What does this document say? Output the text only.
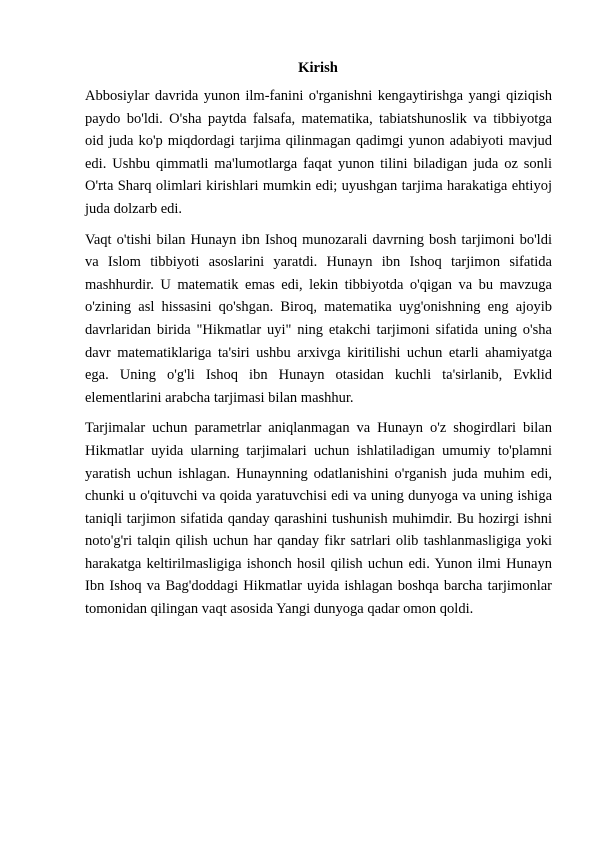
Kirish

Abbosiylar davrida yunon ilm-fanini o'rganishni kengaytirishga yangi qiziqish paydo bo'ldi. O'sha paytda falsafa, matematika, tabiatshunoslik va tibbiyotga oid juda ko'p miqdordagi tarjima qilinmagan qadimgi yunon adabiyoti mavjud edi. Ushbu qimmatli ma'lumotlarga faqat yunon tilini biladigan juda oz sonli O'rta Sharq olimlari kirishlari mumkin edi; uyushgan tarjima harakatiga ehtiyoj juda dolzarb edi.

Vaqt o'tishi bilan Hunayn ibn Ishoq munozarali davrning bosh tarjimoni bo'ldi va Islom tibbiyoti asoslarini yaratdi. Hunayn ibn Ishoq tarjimon sifatida mashhurdir. U matematik emas edi, lekin tibbiyotda o'qigan va bu mavzuga o'zining asl hissasini qo'shgan. Biroq, matematika uyg'onishning eng ajoyib davrlaridan birida "Hikmatlar uyi" ning etakchi tarjimoni sifatida uning o'sha davr matematiklariga ta'siri ushbu arxivga kiritilishi uchun etarli ahamiyatga ega. Uning o'g'li Ishoq ibn Hunayn otasidan kuchli ta'sirlanib, Evklid elementlarini arabcha tarjimasi bilan mashhur.

Tarjimalar uchun parametrlar aniqlanmagan va Hunayn o'z shogirdlari bilan Hikmatlar uyida ularning tarjimalari uchun ishlatiladigan umumiy to'plamni yaratish uchun ishlagan. Hunaynning odatlanishini o'rganish juda muhim edi, chunki u o'qituvchi va qoida yaratuvchisi edi va uning dunyoga va uning ishiga taniqli tarjimon sifatida qanday qarashini tushunish muhimdir. Bu hozirgi ishni noto'g'ri talqin qilish uchun har qanday fikr satrlari olib tashlanmasligiga yoki harakatga keltirilmasligiga ishonch hosil qilish uchun edi. Yunon ilmi Hunayn Ibn Ishoq va Bag'doddagi Hikmatlar uyida ishlagan boshqa barcha tarjimonlar tomonidan qilingan vaqt asosida Yangi dunyoga qadar omon qoldi.
